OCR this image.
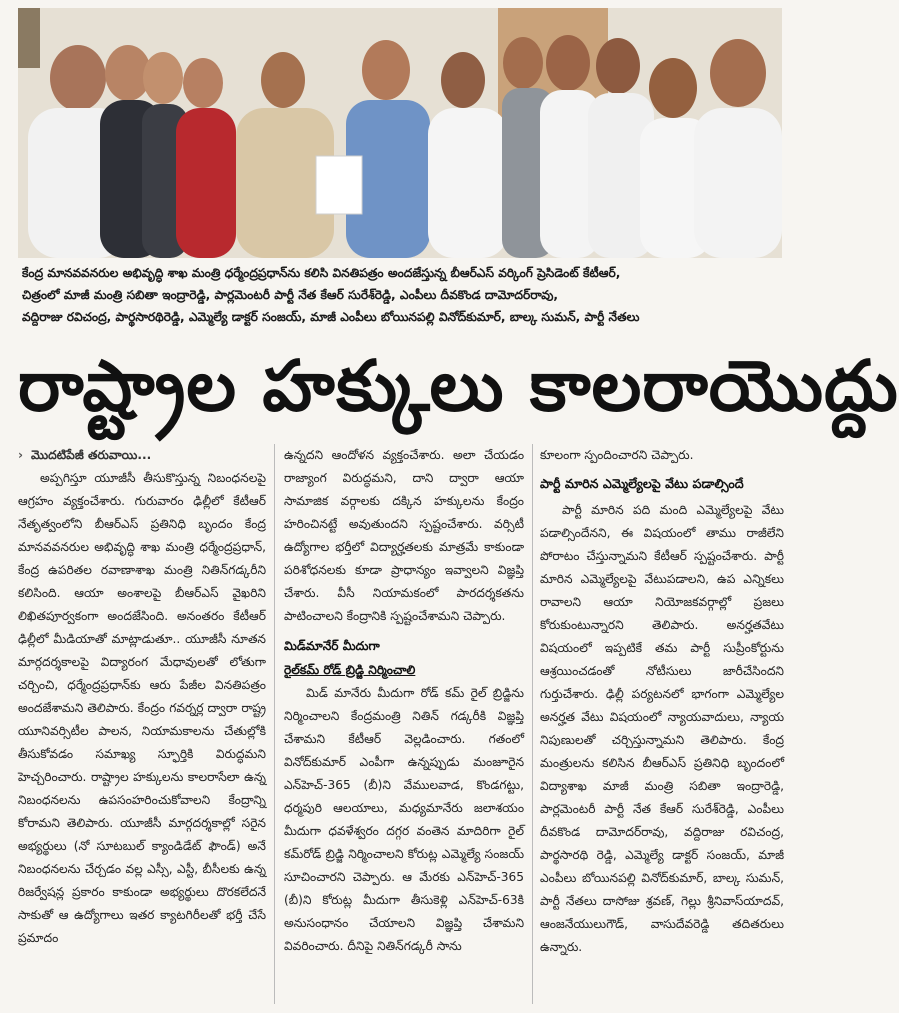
కేంద్ర మానవవనరుల అభివృద్ధి శాఖ మంత్రి ధర్మేంద్రప్రధాన్‌ను కలిసి వినతిపత్రం అందజేస్తున్న బీఆర్ఎస్ వర్కింగ్ ప్రెసిడెంట్ కేటీఆర్,
చిత్రంలో మాజీ మంత్రి సబితా ఇంద్రారెడ్డి, పార్లమెంటరీ పార్టీ నేత కేఆర్ సురేశ్‌రెడ్డి, ఎంపీలు దీవకొండ దామోదర్‌రావు,
వద్దిరాజు రవిచంద్ర, పార్థసారథిరెడ్డి, ఎమ్మెల్యే డాక్టర్ సంజయ్, మాజీ ఎంపీలు బోయినపల్లి వినోద్‌కుమార్, బాల్క సుమన్, పార్టీ నేతలు
రాష్ట్రాల హక్కులు కాలరాయొద్దు
› మొదటిపేజీ తరువాయి...
అప్పగిస్తూ యూజీసీ తీసుకొస్తున్న నిబంధనలపై ఆగ్రహం వ్యక్తంచేశారు. గురువారం ఢిల్లీలో కేటీఆర్ నేతృత్వంలోని బీఆర్ఎస్ ప్రతినిధి బృందం కేంద్ర మానవవనరుల అభివృద్ధి శాఖ మంత్రి ధర్మేంద్రప్రధాన్, కేంద్ర ఉపరితల రవాణాశాఖ మంత్రి నితిన్‌గడ్కరీని కలిసింది. ఆయా అంశాలపై బీఆర్ఎస్ వైఖరిని లిఖితపూర్వకంగా అందజేసింది. అనంతరం కేటీఆర్ ఢిల్లీలో మీడియాతో మాట్లాడుతూ.. యూజీసీ నూతన మార్గదర్శకాలపై విద్యారంగ మేధావులతో లోతుగా చర్చించి, ధర్మేంద్రప్రధాన్‌కు ఆరు పేజీల వినతిపత్రం అందజేశామని తెలిపారు. కేంద్రం గవర్నర్ల ద్వారా రాష్ట్ర యూనివర్సిటీల పాలన, నియామకాలను చేతుల్లోకి తీసుకోవడం సమాఖ్య స్ఫూర్తికి విరుద్ధమని హెచ్చరించారు. రాష్ట్రాల హక్కులను కాలరాసేలా ఉన్న నిబంధనలను ఉపసంహరించుకోవాలని కేంద్రాన్ని కోరామని తెలిపారు. యూజీసీ మార్గదర్శకాల్లో సరైన అభ్యర్థులు (నో సూటబుల్ క్యాండిడేట్ ఫౌండ్) అనే నిబంధనలను చేర్చడం వల్ల ఎస్సీ, ఎస్టీ, బీసీలకు ఉన్న రిజర్వేషన్ల ప్రకారం కాకుండా అభ్యర్థులు దొరకలేదనే సాకుతో ఆ ఉద్యోగాలు ఇతర క్యాటగిరీలతో భర్తీ చేసే ప్రమాదం
ఉన్నదని ఆందోళన వ్యక్తంచేశారు. అలా చేయడం రాజ్యాంగ విరుద్ధమని, దాని ద్వారా ఆయా సామాజిక వర్గాలకు దక్కిన హక్కులను కేంద్రం హరించినట్టే అవుతుందని స్పష్టంచేశారు. వర్సిటీ ఉద్యోగాల భర్తీలో విద్యార్హతలకు మాత్రమే కాకుండా పరిశోధనలకు కూడా ప్రాధాన్యం ఇవ్వాలని విజ్ఞప్తి చేశారు. వీసీ నియామకంలో పారదర్శకతను పాటించాలని కేంద్రానికి స్పష్టంచేశామని చెప్పారు.
మిడ్‌మానేర్ మీదుగా
రైల్‌కమ్ రోడ్ బ్రిడ్జి నిర్మించాలి
మిడ్ మానేరు మీదుగా రోడ్ కమ్ రైల్ బ్రిడ్జిను నిర్మించాలని కేంద్రమంత్రి నితిన్ గడ్కరీకి విజ్ఞప్తి చేశామని కేటీఆర్ వెల్లడించారు. గతంలో వినోద్‌కుమార్ ఎంపీగా ఉన్నప్పుడు మంజూరైన ఎన్‌హెచ్-365 (బీ)ని వేములవాడ, కొండగట్టు, ధర్మపురి ఆలయాలు, మధ్యమానేరు జలాశయం మీదుగా ధవళేశ్వరం దగ్గర వంతెన మాదిరిగా రైల్ కమ్‌రోడ్ బ్రిడ్జి నిర్మించాలని కోరుట్ల ఎమ్మెల్యే సంజయ్ సూచించారని చెప్పారు. ఆ మేరకు ఎన్‌హెచ్-365 (బీ)ని కోరుట్ల మీదుగా తీసుకెళ్లి ఎన్‌హెచ్-63కి అనుసంధానం చేయాలని విజ్ఞప్తి చేశామని వివరించారు. దీనిపై నితిన్‌గడ్కరీ సాను
కూలంగా స్పందించారని చెప్పారు.
పార్టీ మారిన ఎమ్మెల్యేలపై వేటు పడాల్సిందే
పార్టీ మారిన పది మంది ఎమ్మెల్యేలపై వేటు పడాల్సిందేనని, ఈ విషయంలో తాము రాజీలేని పోరాటం చేస్తున్నామని కేటీఆర్ స్పష్టంచేశారు. పార్టీ మారిన ఎమ్మెల్యేలపై వేటుపడాలని, ఉప ఎన్నికలు రావాలని ఆయా నియోజకవర్గాల్లో ప్రజలు కోరుకుంటున్నారని తెలిపారు. అనర్హతవేటు విషయంలో ఇప్పటికే తమ పార్టీ సుప్రీంకోర్టును ఆశ్రయించడంతో నోటీసులు జారీచేసిందని గుర్తుచేశారు. ఢిల్లీ పర్యటనలో భాగంగా ఎమ్మెల్యేల అనర్హత వేటు విషయంలో న్యాయవాదులు, న్యాయ నిపుణులతో చర్చిస్తున్నామని తెలిపారు. కేంద్ర మంత్రులను కలిసిన బీఆర్ఎస్ ప్రతినిధి బృందంలో విద్యాశాఖ మాజీ మంత్రి సబితా ఇంద్రారెడ్డి, పార్లమెంటరీ పార్టీ నేత కేఆర్ సురేశ్‌రెడ్డి, ఎంపీలు దీవకొండ దామోదర్‌రావు, వద్దిరాజు రవిచంద్ర, పార్థసారథి రెడ్డి, ఎమ్మెల్యే డాక్టర్ సంజయ్, మాజీ ఎంపీలు బోయినపల్లి వినోద్‌కుమార్, బాల్క సుమన్, పార్టీ నేతలు దాసోజు శ్రవణ్, గెల్లు శ్రీనివాస్‌యాదవ్, ఆంజనేయులుగౌడ్, వాసుదేవరెడ్డి తదితరులు ఉన్నారు.
